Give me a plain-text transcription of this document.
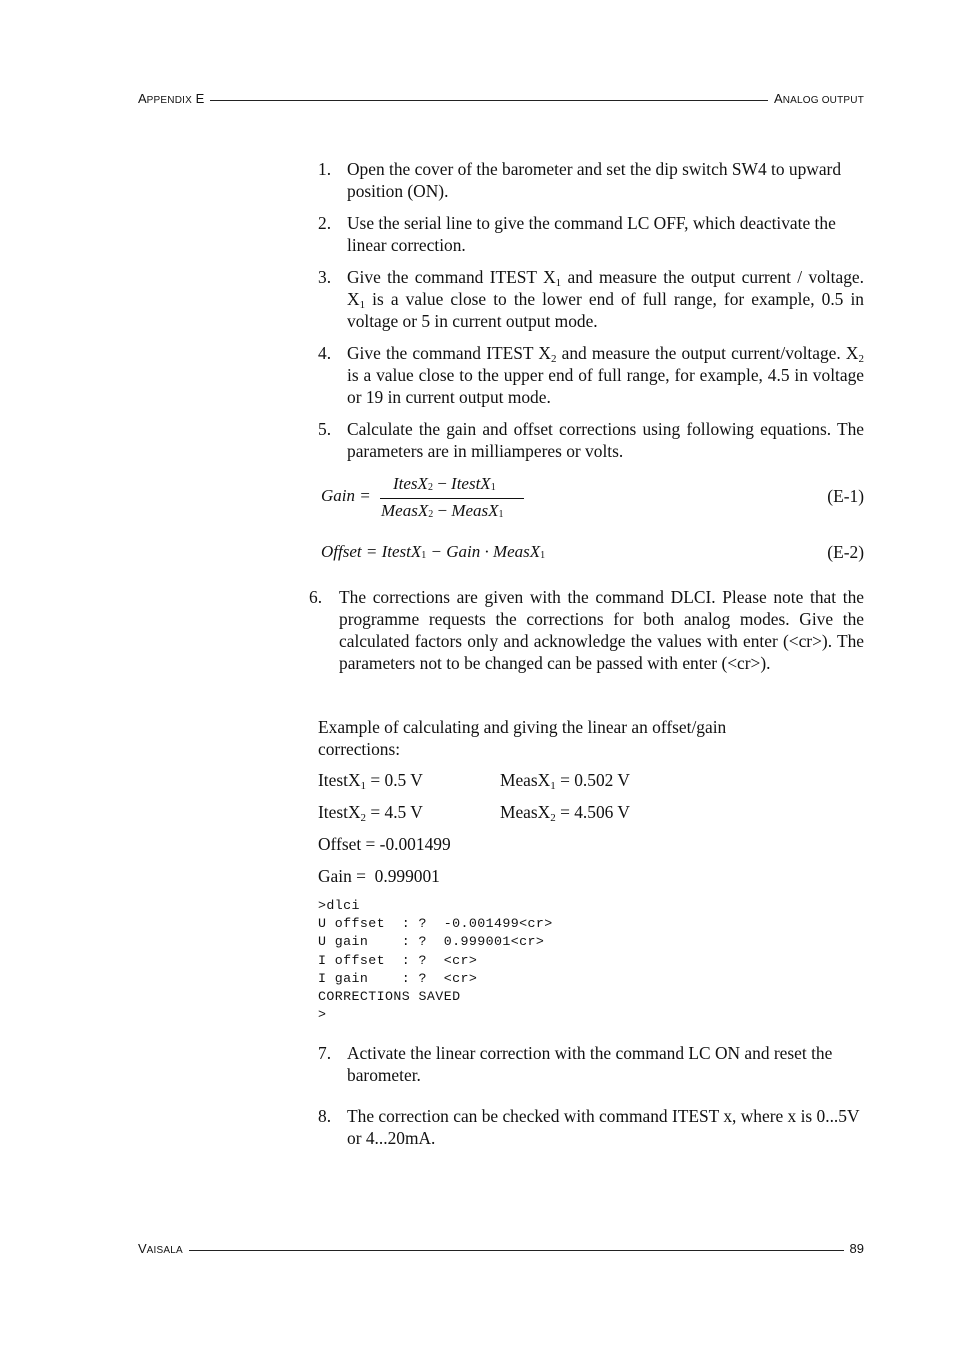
APPENDIX E	ANALOG OUTPUT
1. Open the cover of the barometer and set the dip switch SW4 to upward position (ON).
2. Use the serial line to give the command LC OFF, which deactivate the linear correction.
3. Give the command ITEST $X_1$ and measure the output current / voltage. $X_1$ is a value close to the lower end of full range, for example, 0.5 in voltage or 5 in current output mode.
4. Give the command ITEST $X_2$ and measure the output current/voltage. $X_2$ is a value close to the upper end of full range, for example, 4.5 in voltage or 19 in current output mode.
5. Calculate the gain and offset corrections using following equations. The parameters are in milliamperes or volts.
Gain =
ItesX2 − ItestX1
MeasX2 − MeasX1
(E-1)
Offset = ItestX1 − Gain · MeasX1	(E-2)
6. The corrections are given with the command DLCI. Please note that the programme requests the corrections for both analog modes. Give the calculated factors only and acknowledge the values with enter (<cr>). The parameters not to be changed can be passed with enter (<cr>).
Example of calculating and giving the linear an offset/gain
corrections:
ItestX$_1$ = 0.5 V	MeasX$_1$ = 0.502 V
ItestX$_2$ = 4.5 V	MeasX$_2$ = 4.506 V
Offset = -0.001499
Gain =  0.999001
>dlci
U offset  : ?  -0.001499<cr>
U gain    : ?  0.999001<cr>
I offset  : ?  <cr>
I gain    : ?  <cr>
CORRECTIONS SAVED
>
7. Activate the linear correction with the command LC ON and reset the barometer.
8. The correction can be checked with command ITEST x, where x is 0...5V or 4...20mA.
VAISALA	89
